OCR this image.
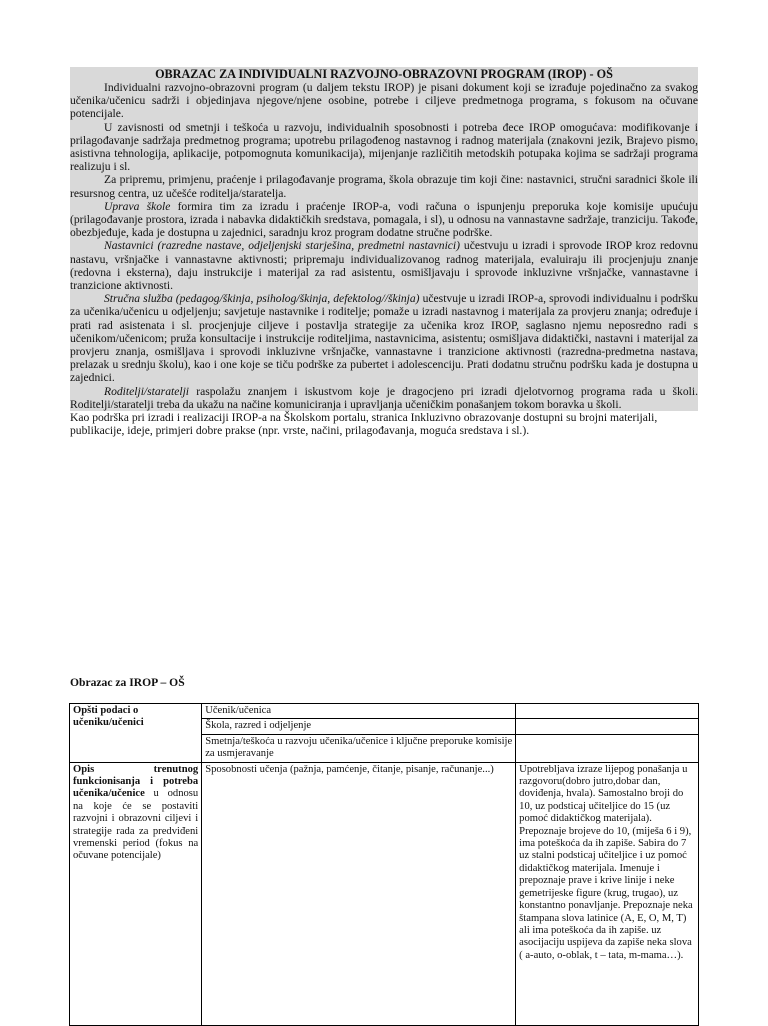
OBRAZAC ZA INDIVIDUALNI RAZVOJNO-OBRAZOVNI PROGRAM (IROP) - OŠ

Individualni razvojno-obrazovni program (u daljem tekstu IROP) je pisani dokument koji se izrađuje pojedinačno za svakog učenika/učenicu sadrži i objedinjava njegove/njene osobine, potrebe i ciljeve predmetnoga programa, s fokusom na očuvane potencijale.

U zavisnosti od smetnji i teškoća u razvoju, individualnih sposobnosti i potreba đece IROP omogućava: modifikovanje i prilagođavanje sadržaja predmetnog programa; upotrebu prilagođenog nastavnog i radnog materijala (znakovni jezik, Brajevo pismo, asistivna tehnologija, aplikacije, potpomognuta komunikacija), mijenjanje različitih metodskih potupaka kojima se sadržaji programa realizuju i sl.

Za pripremu, primjenu, praćenje i prilagođavanje programa, škola obrazuje tim koji čine: nastavnici, stručni saradnici škole ili resursnog centra, uz učešće roditelja/staratelja.

Uprava škole formira tim za izradu i praćenje IROP-a, vodi računa o ispunjenju preporuka koje komisije upućuju (prilagođavanje prostora, izrada i nabavka didaktičkih sredstava, pomagala, i sl), u odnosu na vannastavne sadržaje, tranziciju. Takođe, obezbjeđuje, kada je dostupna u zajednici, saradnju kroz program dodatne stručne podrške.

Nastavnici (razredne nastave, odjeljenjski starješina, predmetni nastavnici) učestvuju u izradi i sprovode IROP kroz redovnu nastavu, vršnjačke i vannastavne aktivnosti; pripremaju individualizovanog radnog materijala, evaluiraju ili procjenjuju znanje (redovna i eksterna), daju instrukcije i materijal za rad asistentu, osmišljavaju i sprovode inkluzivne vršnjačke, vannastavne i tranzicione aktivnosti.

Stručna služba (pedagog/škinja, psiholog/škinja, defektolog//škinja) učestvuje u izradi IROP-a, sprovodi individualnu i podršku za učenika/učenicu u odjeljenju; savjetuje nastavnike i roditelje; pomaže u izradi nastavnog i materijala za provjeru znanja; određuje i prati rad asistenata i sl. procjenjuje ciljeve i postavlja strategije za učenika kroz IROP, saglasno njemu neposredno radi s učenikom/učenicom; pruža konsultacije i instrukcije roditeljima, nastavnicima, asistentu; osmišljava didaktički, nastavni i materijal za provjeru znanja, osmišljava i sprovodi inkluzivne vršnjačke, vannastavne i tranzicione aktivnosti (razredna-predmetna nastava, prelazak u srednju školu), kao i one koje se tiču podrške za pubertet i adolescenciju. Prati dodatnu stručnu podršku kada je dostupna u zajednici.

Roditelji/staratelji raspolažu znanjem i iskustvom koje je dragocjeno pri izradi djelotvornog programa rada u školi. Roditelji/staratelji treba da ukažu na načine komuniciranja i upravljanja učeničkim ponašanjem tokom boravka u školi.

Kao podrška pri izradi i realizaciji IROP-a na Školskom portalu, stranica Inkluzivno obrazovanje dostupni su brojni materijali, publikacije, ideje, primjeri dobre prakse (npr. vrste, načini, prilagođavanja, moguća sredstava i sl.).

Obrazac za IROP – OŠ
Opšti podaci o učeniku/učenici	Učenik/učenica	
	Škola, razred i odjeljenje	
	Smetnja/teškoća u razvoju učenika/učenice i ključne preporuke komisije za usmjeravanje	
Opis trenutnog funkcionisanja i potreba učenika/učenice u odnosu na koje će se postaviti razvojni i obrazovni ciljevi i strategije rada za predviđeni vremenski period (fokus na očuvane potencijale)	Sposobnosti učenja (pažnja, pamćenje, čitanje, pisanje, računanje...)	Upotrebljava izraze lijepog ponašanja u razgovoru(dobro jutro,dobar dan, doviđenja, hvala). Samostalno broji do 10, uz podsticaj učiteljice do 15 (uz pomoć didaktičkog materijala). Prepoznaje brojeve do 10, (miješa 6 i 9), ima poteškoća da ih zapiše. Sabira do 7 uz stalni podsticaj učiteljice i uz pomoć didaktičkog materijala. Imenuje i prepoznaje prave i krive linije i neke gemetrijeske figure (krug, trugao), uz konstantno ponavljanje. Prepoznaje neka štampana slova latinice (A, E, O, M, T) ali ima poteškoća da ih zapiše. uz asocijaciju uspijeva da zapiše neka slova ( a-auto, o-oblak, t – tata, m-mama…).
